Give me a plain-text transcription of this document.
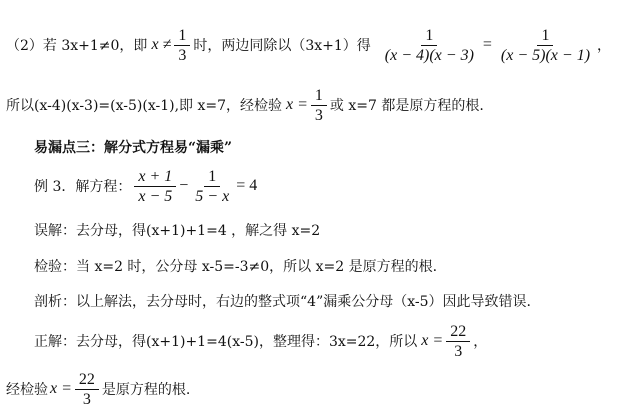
（2）若 3x+1≠0，即 $x \ne \frac{1}{3}$ 时，两边同除以（3x+1）得 $\frac{1}{(x - 4)(x - 3)} = \frac{1}{(x - 5)(x - 1)}$ ，
所以(x-4)(x-3)=(x-5)(x-1),即 x=7，经检验 $x = \frac{1}{3}$ 或 x=7 都是原方程的根.
易漏点三：解分式方程易“漏乘”
例 3．解方程： $\frac{x + 1}{x - 5} - \frac{1}{5 - x} = 4$
误解：去分母，得(x+1)+1=4 ，解之得 x=2
检验：当 x=2 时，公分母 x-5=-3≠0，所以 x=2 是原方程的根.
剖析：以上解法，去分母时，右边的整式项“4”漏乘公分母（x-5）因此导致错误.
正解：去分母，得(x+1)+1=4(x-5)，整理得：3x=22，所以 $x = \frac{22}{3}$ ，
经检验 $x = \frac{22}{3}$ 是原方程的根.
